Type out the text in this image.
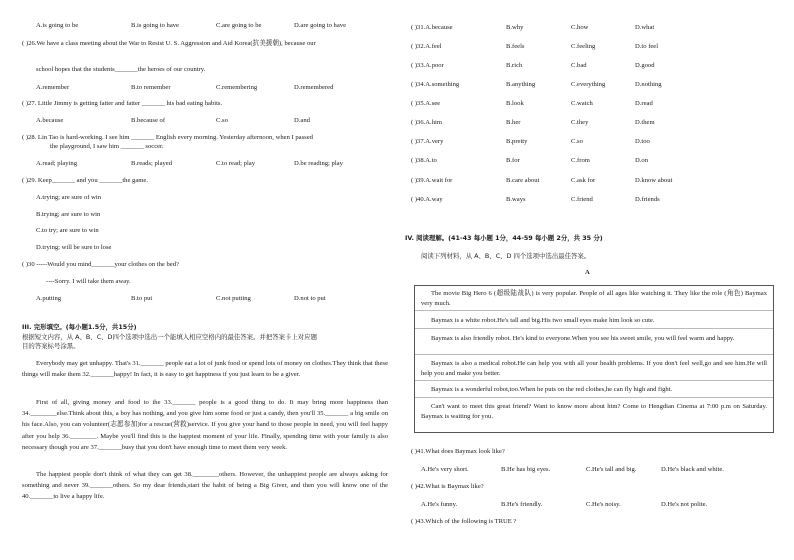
A.is going to be	B.is going to have	C.are going to be	D.are going to have
( )26.We have a class meeting about the War to Resist U. S. Aggression and Aid Korea(抗美援朝), because our
school hopes that the students_______the heroes of our country.
A.remember	B.to remember	C.remembering	D.remembered
( )27. Little Jimmy is getting fatter and fatter _______ his bad eating habits.
A.because	B.because of	C.so	D.and
( )28. Lin Tao is hard-working. I see him _______ English every morning. Yesterday afternoon, when I passed
the playground, I saw him _______ soccer.
A.read; playing	B.reads; played	C.to read; play	D.be reading; play
( )29. Keep_______ and you _______the game.
A.trying; are sure of win
B.trying; are sure to win
C.to try; are sure to win
D.trying; will be sure to lose
( )30 -----Would you mind_______your clothes on the bed?
----Sorry. I will take them away.
A.putting	B.to put	C.not putting	D.not to put
III. 完形填空。(每小题1.5分，共15分)
根据短文内容，从 A、B、C、D四个选项中选出一个能填入相应空格内的最佳答案。并把答案卡上对应题
目的答案标号涂黑。
Everybody may get unhappy. That's 31._______ people eat a lot of junk food or spend lots of money on clothes.They think that these things will make them 32._______happy! In fact, it is easy to get happiness if you just learn to be a giver.
First of all, giving money and food to the 33._______ people is a good thing to do. It may bring more happiness than 34.________else.Think about this, a boy has nothing, and you give him some food or just a candy, then you'll 35._______ a big smile on his face.Also, you can volunteer(志愿参加)for a rescue(营救)service. If you give your hand to those people in need, you will feel happy after you help 36.________. Maybe you'll find this is the happiest moment of your life. Finally, spending time with your family is also necessary though you are 37._______busy that you don't have enough time to meet them very week.
The happiest people don't think of what they can get 38.________others. However, the unhappiest people are always asking for something and never 39._______others. So my dear friends,start the habit of being a Big Giver, and then you will know one of the 40._______to live a happy life.
( )31.A.because	B.why	C.how	D.what
( )32.A.feel	B.feels	C.feeling	D.to feel
( )33.A.poor	B.rich	C.bad	D.good
( )34.A.something	B.anything	C.everything	D.nothing
( )35.A.see	B.look	C.watch	D.read
( )36.A.him	B.her	C.they	D.them
( )37.A.very	B.pretty	C.so	D.too
( )38.A.to	B.for	C.from	D.on
( )39.A.wait for	B.care about	C.ask for	D.know about
( )40.A.way	B.ways	C.friend	D.friends
IV. 阅读理解。(41-43 每小题 1分，44-59 每小题 2分，共 35 分)
阅读下列材料，从 A、B、C、D 四个选项中选出最佳答案。
A
The movie Big Hero 6 (超级陆战队) is very popular. People of all ages like watching it. They like the role (角色) Baymax very much.
Baymax is a white robot.He's tall and big.His two small eyes make him look so cute.
Baymax is also friendly robot. He's kind to everyone.When you see his sweet smile, you will feel warm and happy.
Baymax is also a medical robot.He can help you with all your health problems. If you don't feel well,go and see him.He will help you and make you better.
Baymax is a wonderful robot,too.When he puts on the red clothes,he can fly high and fight.
Can't want to meet this great friend? Want to know more about him? Come to Hengdian Cinema at 7:00 p.m on Saturday. Baymax is waiting for you.
( )41.What does Baymax look like?
A.He's very short.	B.He has big eyes.	C.He's tall and big.	D.He's black and white.
( )42.What is Baymax like?
A.He's funny.	B.He's friendly.	C.He's noisy.	D.He's not polite.
( )43.Which of the following is TRUE ?
